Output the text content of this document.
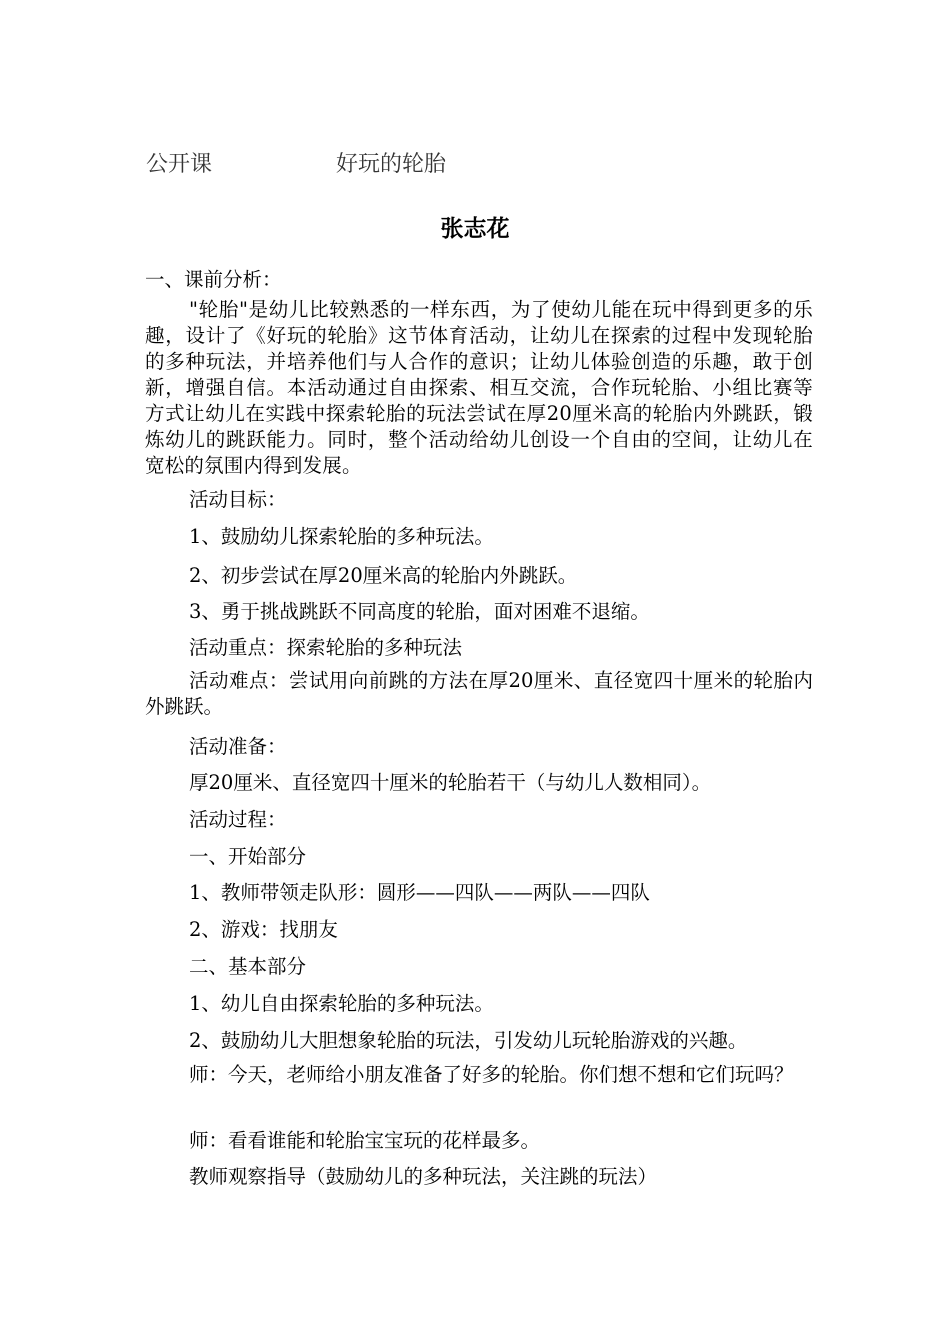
公开课	好玩的轮胎
张志花
一、课前分析：

"轮胎"是幼儿比较熟悉的一样东西，为了使幼儿能在玩中得到更多的乐趣，设计了《好玩的轮胎》这节体育活动，让幼儿在探索的过程中发现轮胎的多种玩法，并培养他们与人合作的意识；让幼儿体验创造的乐趣，敢于创新，增强自信。本活动通过自由探索、相互交流，合作玩轮胎、小组比赛等方式让幼儿在实践中探索轮胎的玩法尝试在厚20厘米高的轮胎内外跳跃，锻炼幼儿的跳跃能力。同时，整个活动给幼儿创设一个自由的空间，让幼儿在宽松的氛围内得到发展。

活动目标：
1、鼓励幼儿探索轮胎的多种玩法。
2、初步尝试在厚20厘米高的轮胎内外跳跃。
3、勇于挑战跳跃不同高度的轮胎，面对困难不退缩。
活动重点：探索轮胎的多种玩法
活动难点：尝试用向前跳的方法在厚20厘米、直径宽四十厘米的轮胎内外跳跃。
活动准备：
厚20厘米、直径宽四十厘米的轮胎若干（与幼儿人数相同）。
活动过程：
一、开始部分
1、教师带领走队形：圆形——四队——两队——四队
2、游戏：找朋友
二、基本部分
1、幼儿自由探索轮胎的多种玩法。
2、鼓励幼儿大胆想象轮胎的玩法，引发幼儿玩轮胎游戏的兴趣。
师：今天，老师给小朋友准备了好多的轮胎。你们想不想和它们玩吗？
师：看看谁能和轮胎宝宝玩的花样最多。
教师观察指导（鼓励幼儿的多种玩法，关注跳的玩法）
